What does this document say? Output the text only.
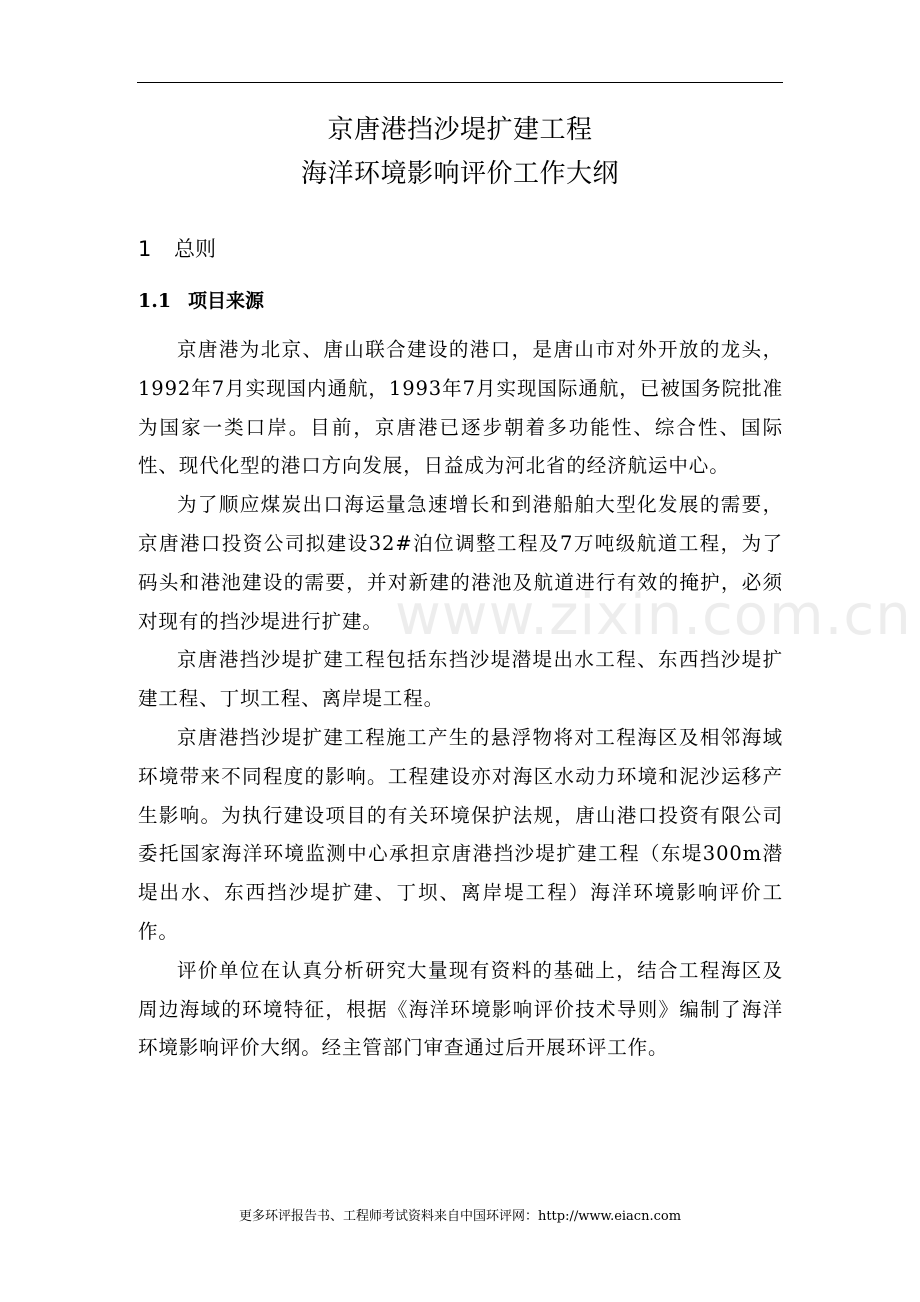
京唐港挡沙堤扩建工程
海洋环境影响评价工作大纲
1 总则
1.1 项目来源

京唐港为北京、唐山联合建设的港口，是唐山市对外开放的龙头，1992年7月实现国内通航，1993年7月实现国际通航，已被国务院批准为国家一类口岸。目前，京唐港已逐步朝着多功能性、综合性、国际性、现代化型的港口方向发展，日益成为河北省的经济航运中心。

为了顺应煤炭出口海运量急速增长和到港船舶大型化发展的需要，京唐港口投资公司拟建设32#泊位调整工程及7万吨级航道工程，为了码头和港池建设的需要，并对新建的港池及航道进行有效的掩护，必须对现有的挡沙堤进行扩建。

京唐港挡沙堤扩建工程包括东挡沙堤潜堤出水工程、东西挡沙堤扩建工程、丁坝工程、离岸堤工程。

京唐港挡沙堤扩建工程施工产生的悬浮物将对工程海区及相邻海域环境带来不同程度的影响。工程建设亦对海区水动力环境和泥沙运移产生影响。为执行建设项目的有关环境保护法规，唐山港口投资有限公司委托国家海洋环境监测中心承担京唐港挡沙堤扩建工程（东堤300m潜堤出水、东西挡沙堤扩建、丁坝、离岸堤工程）海洋环境影响评价工作。

评价单位在认真分析研究大量现有资料的基础上，结合工程海区及周边海域的环境特征，根据《海洋环境影响评价技术导则》编制了海洋环境影响评价大纲。经主管部门审查通过后开展环评工作。

www.zixin.com.cn
更多环评报告书、工程师考试资料来自中国环评网：http://www.eiacn.com
